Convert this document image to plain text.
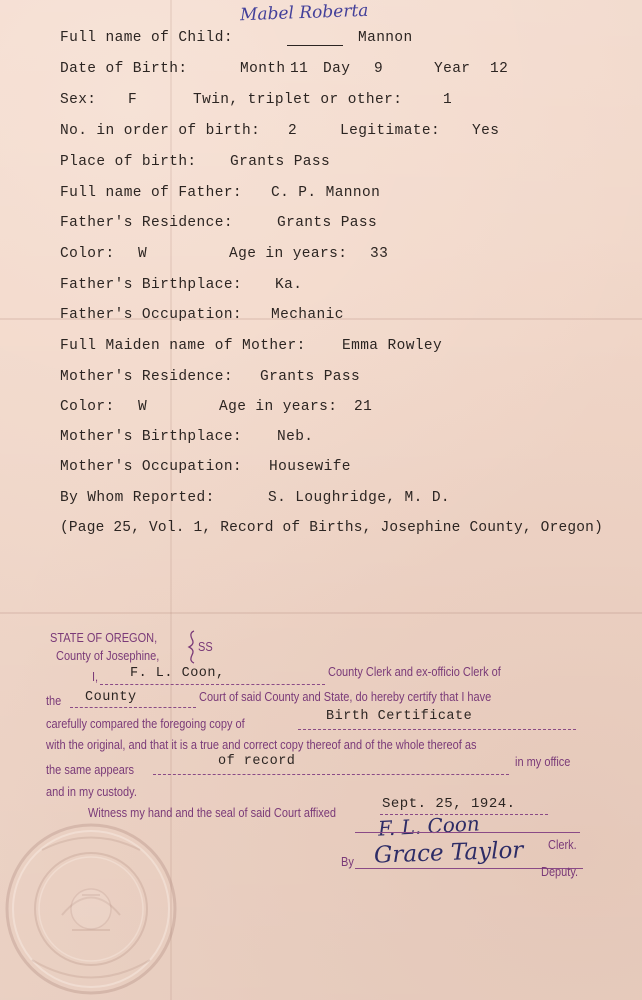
Mabel Roberta
Full name of Child:	Mannon
Date of Birth:	Month 11 Day 9	Year 12
Sex: F	Twin, triplet or other:	1
No. in order of birth: 2	Legitimate: Yes
Place of birth: Grants Pass
Full name of Father: C. P. Mannon
Father's Residence:	Grants Pass
Color: W	Age in years: 33
Father's Birthplace: Ka.
Father's Occupation: Mechanic
Full Maiden name of Mother:	Emma Rowley
Mother's Residence: Grants Pass
Color: W	Age in years: 21
Mother's Birthplace: Neb.
Mother's Occupation: Housewife
By Whom Reported:	S. Loughridge, M. D.
(Page 25, Vol. 1, Record of Births, Josephine County, Oregon)
STATE OF OREGON,
County of Josephine,
SS
I, F. L. Coon,	County Clerk and ex-officio Clerk of
the County	Court of said County and State, do hereby certify that I have
carefully compared the foregoing copy of	Birth Certificate
with the original, and that it is a true and correct copy thereof and of the whole thereof as
the same appears
of record	in my office
and in my custody.
Witness my hand and the seal of said Court affixed
Sept. 25, 1924.
F. L. Coon
Clerk.
By Grace Taylor
Deputy.
